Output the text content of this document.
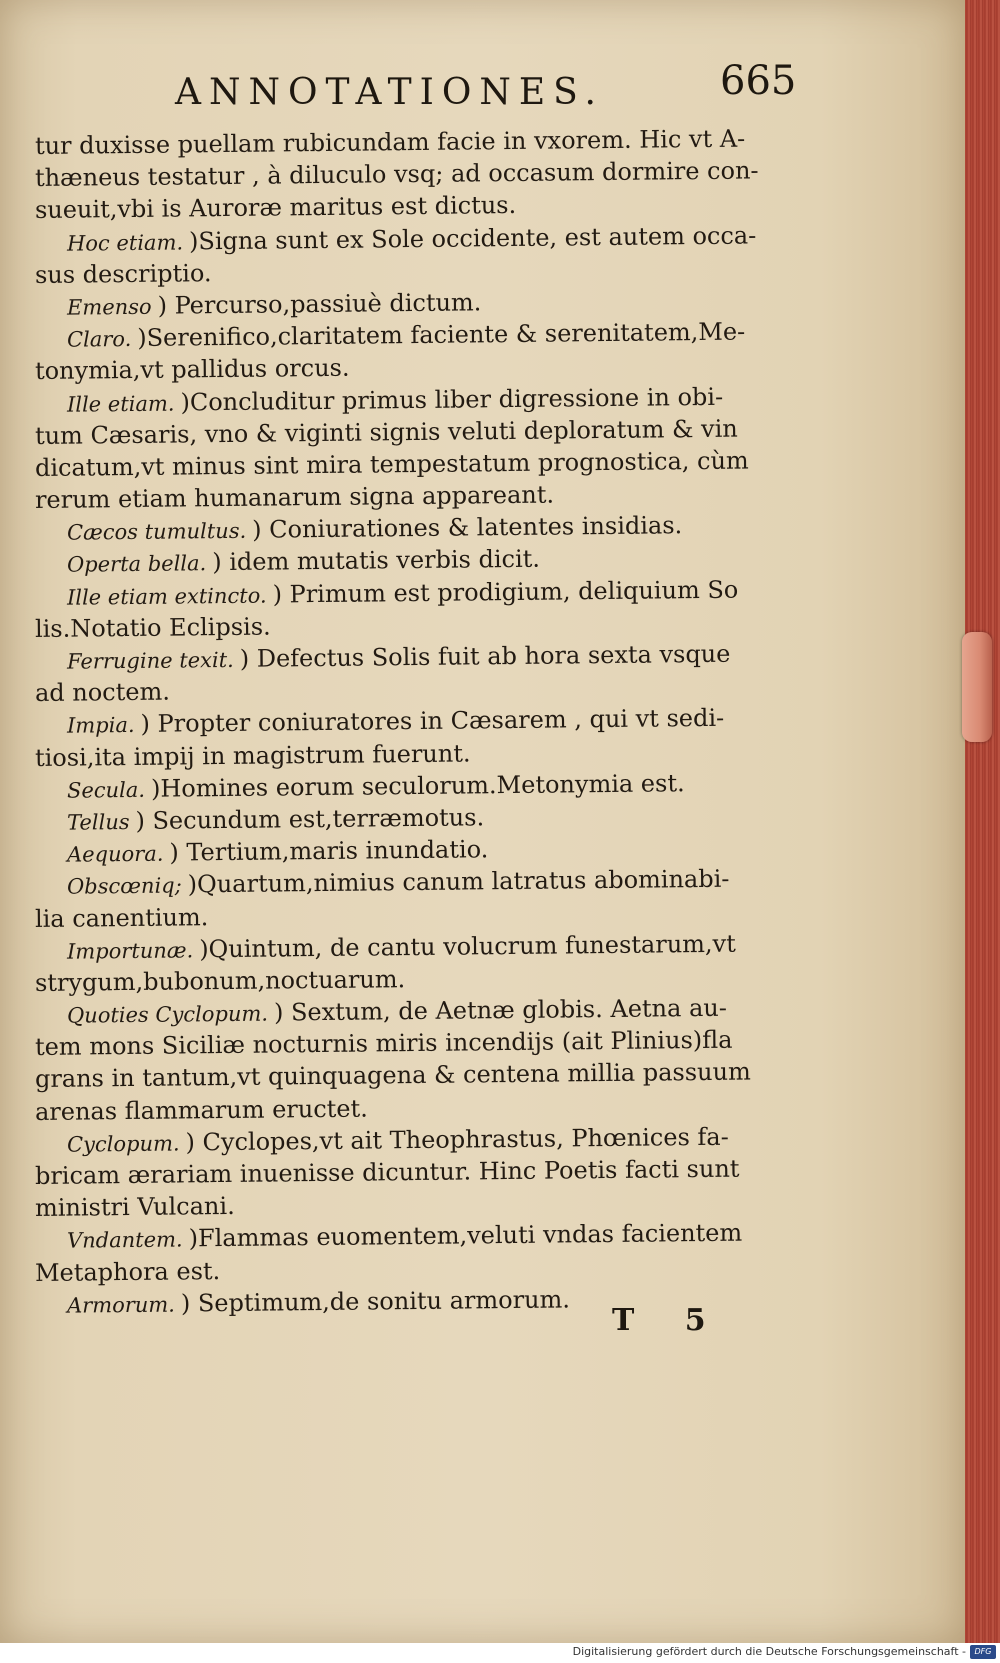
ANNOTATIONES.	665
tur duxisse puellam rubicundam facie in vxorem. Hic vt A-
thæneus testatur , à diluculo vsq; ad occasum dormire con-
sueuit,vbi is Auroræ maritus est dictus.
Hoc etiam. )Signa sunt ex Sole occidente, est autem occa-
sus descriptio.
Emenso ) Percurso,passiuè dictum.
Claro. )Serenifico,claritatem faciente & serenitatem,Me-
tonymia,vt pallidus orcus.
Ille etiam. )Concluditur primus liber digressione in obi-
tum Cæsaris, vno & viginti signis veluti deploratum & vin
dicatum,vt minus sint mira tempestatum prognostica, cùm
rerum etiam humanarum signa appareant.
Cæcos tumultus. ) Coniurationes & latentes insidias.
Operta bella. ) idem mutatis verbis dicit.
Ille etiam extincto. ) Primum est prodigium, deliquium So
lis.Notatio Eclipsis.
Ferrugine texit. ) Defectus Solis fuit ab hora sexta vsque
ad noctem.
Impia. ) Propter coniuratores in Cæsarem , qui vt sedi-
tiosi,ita impij in magistrum fuerunt.
Secula. )Homines eorum seculorum.Metonymia est.
Tellus ) Secundum est,terræmotus.
Aequora. ) Tertium,maris inundatio.
Obscœniq; )Quartum,nimius canum latratus abominabi-
lia canentium.
Importunæ. )Quintum, de cantu volucrum funestarum,vt
strygum,bubonum,noctuarum.
Quoties Cyclopum. ) Sextum, de Aetnæ globis. Aetna au-
tem mons Siciliæ nocturnis miris incendijs (ait Plinius)fla
grans in tantum,vt quinquagena & centena millia passuum
arenas flammarum eructet.
Cyclopum. ) Cyclopes,vt ait Theophrastus, Phœnices fa-
bricam ærariam inuenisse dicuntur. Hinc Poetis facti sunt
ministri Vulcani.
Vndantem. )Flammas euomentem,veluti vndas facientem
Metaphora est.
Armorum. ) Septimum,de sonitu armorum.
T 5
Digitalisierung gefördert durch die Deutsche Forschungsgemeinschaft -	DFG
